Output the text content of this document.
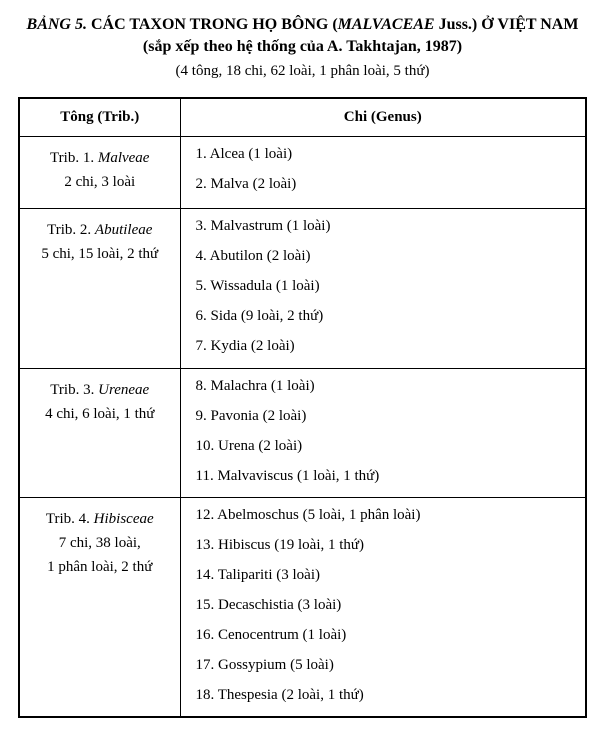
BẢNG 5. CÁC TAXON TRONG HỌ BÔNG (MALVACEAE Juss.) Ở VIỆT NAM
(sắp xếp theo hệ thống của A. Takhtajan, 1987)
(4 tông, 18 chi, 62 loài, 1 phân loài, 5 thứ)
Tông (Trib.)	Chi (Genus)

Trib. 1. Malveae
2 chi, 3 loài

1. Alcea (1 loài)
2. Malva (2 loài)

Trib. 2. Abutileae
5 chi, 15 loài, 2 thứ

3. Malvastrum (1 loài)
4. Abutilon (2 loài)
5. Wissadula (1 loài)
6. Sida (9 loài, 2 thứ)
7. Kydia (2 loài)

Trib. 3. Ureneae
4 chi, 6 loài, 1 thứ

8. Malachra (1 loài)
9. Pavonia (2 loài)
10. Urena (2 loài)
11. Malvaviscus (1 loài, 1 thứ)

Trib. 4. Hibisceae
7 chi, 38 loài,
1 phân loài, 2 thứ

12. Abelmoschus (5 loài, 1 phân loài)
13. Hibiscus (19 loài, 1 thứ)
14. Talipariti (3 loài)
15. Decaschistia (3 loài)
16. Cenocentrum (1 loài)
17. Gossypium (5 loài)
18. Thespesia (2 loài, 1 thứ)
